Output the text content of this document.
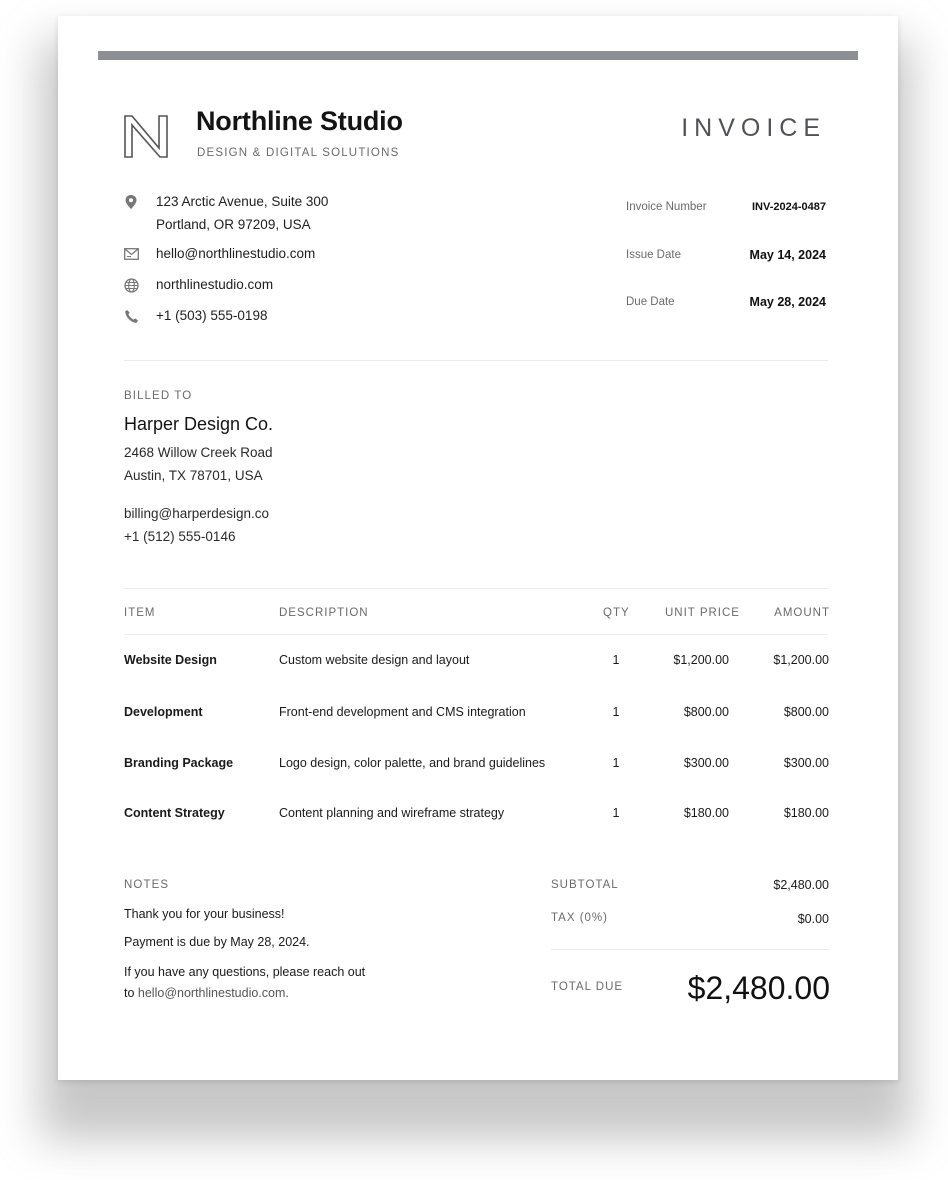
Northline Studio
DESIGN & DIGITAL SOLUTIONS
INVOICE
123 Arctic Avenue, Suite 300
Portland, OR 97209, USA
hello@northlinestudio.com
northlinestudio.com
+1 (503) 555-0198
Invoice Number	INV-2024-0487
Issue Date	May 14, 2024
Due Date	May 28, 2024
BILLED TO
Harper Design Co.
2468 Willow Creek Road
Austin, TX 78701, USA
billing@harperdesign.co
+1 (512) 555-0146
ITEM	DESCRIPTION	QTY	UNIT PRICE	AMOUNT
Website Design	Custom website design and layout	1	$1,200.00	$1,200.00
Development	Front-end development and CMS integration	1	$800.00	$800.00
Branding Package	Logo design, color palette, and brand guidelines	1	$300.00	$300.00
Content Strategy	Content planning and wireframe strategy	1	$180.00	$180.00
NOTES
Thank you for your business!
Payment is due by May 28, 2024.
If you have any questions, please reach out
to hello@northlinestudio.com.
SUBTOTAL	$2,480.00
TAX (0%)	$0.00
TOTAL DUE $2,480.00
